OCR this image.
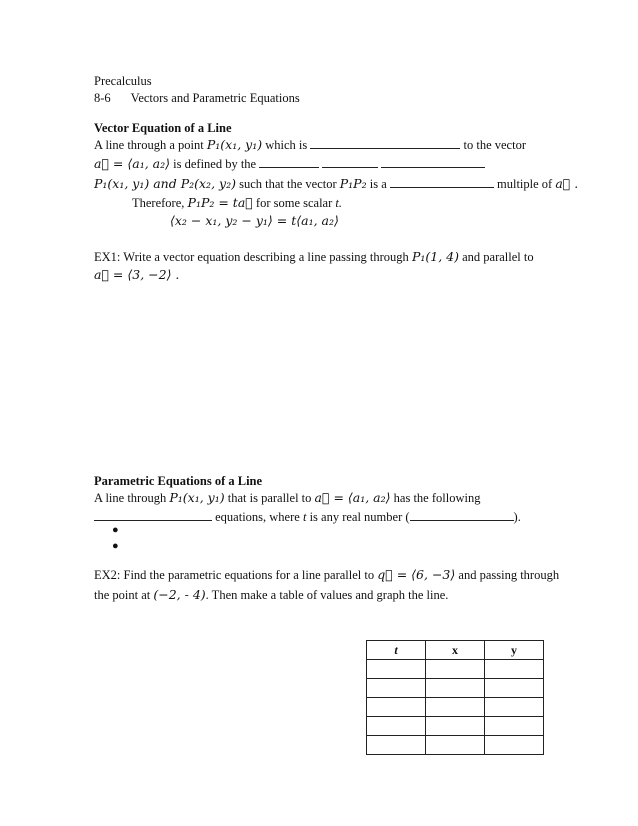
Precalculus
8-6 Vectors and Parametric Equations
Vector Equation of a Line
A line through a point P₁(x₁, y₁) which is	to the vector
a⃗ = ⟨a₁, a₂⟩ is defined by the
P₁(x₁, y₁) and P₂(x₂, y₂) such that the vector P₁P₂ is a	multiple of a⃗ .
Therefore, P₁P₂ = ta⃗ for some scalar t.
⟨x₂ − x₁, y₂ − y₁⟩ = t⟨a₁, a₂⟩
EX1: Write a vector equation describing a line passing through P₁(1, 4) and parallel to
a⃗ = ⟨3, −2⟩ .
Parametric Equations of a Line
A line through P₁(x₁, y₁) that is parallel to a⃗ = ⟨a₁, a₂⟩ has the following
equations, where t is any real number (	).
●
●
EX2: Find the parametric equations for a line parallel to q⃗ = ⟨6, −3⟩ and passing through
the point at (−2, - 4). Then make a table of values and graph the line.
t	x	y
